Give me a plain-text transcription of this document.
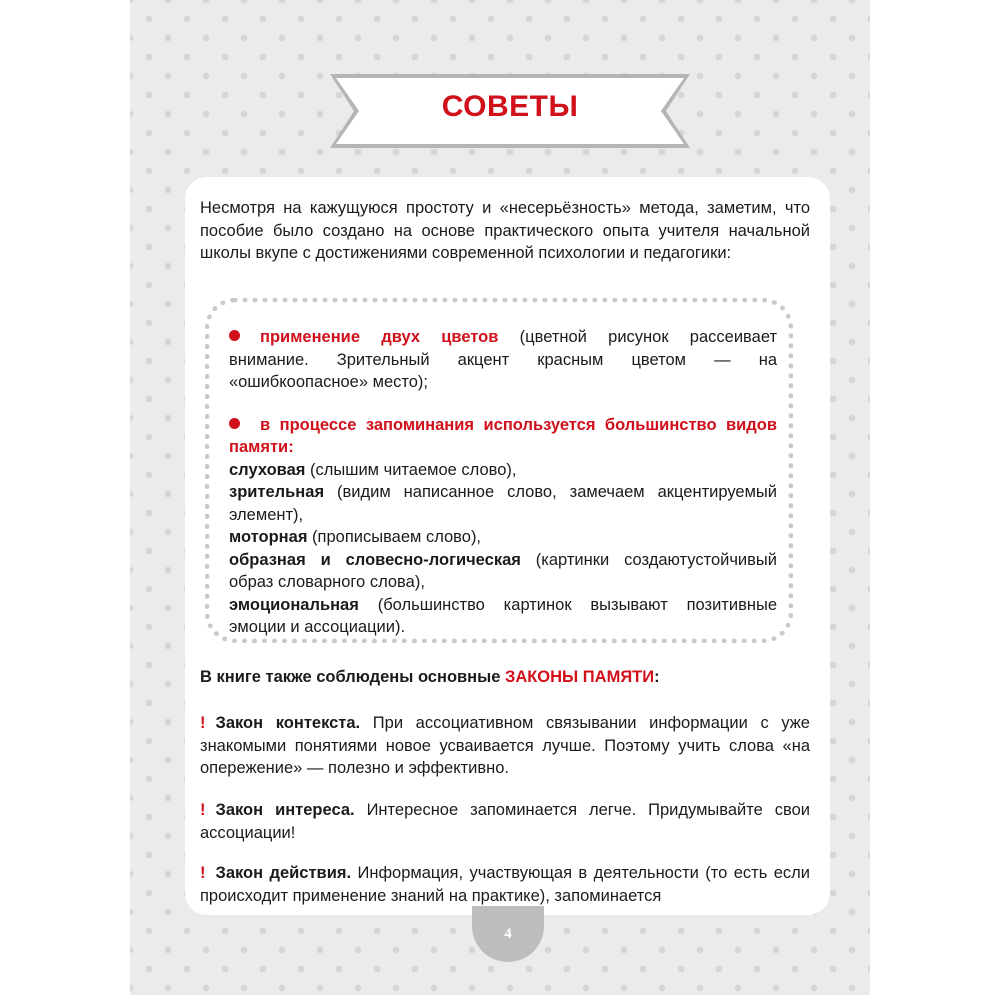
СОВЕТЫ
Несмотря на кажущуюся простоту и «несерьёзность» метода, заметим, что пособие было создано на основе практического опыта учителя начальной школы вкупе с достижениями современной психологии и педагогики:
применение двух цветов (цветной рисунок рассеивает внимание. Зрительный акцент красным цветом — на «ошибкоопасное» место);
в процессе запоминания используется большинство видов памяти:
слуховая (слышим читаемое слово),
зрительная (видим написанное слово, замечаем акцентируемый элемент),
моторная (прописываем слово),
образная и словесно-логическая (картинки создаютустойчивый образ словарного слова),
эмоциональная (большинство картинок вызывают позитивные эмоции и ассоциации).
В книге также соблюдены основные ЗАКОНЫ ПАМЯТИ:
! Закон контекста. При ассоциативном связывании информации с уже знакомыми понятиями новое усваивается лучше. Поэтому учить слова «на опережение» — полезно и эффективно.
! Закон интереса. Интересное запоминается легче. Придумывайте свои ассоциации!
! Закон действия. Информация, участвующая в деятельности (то есть если происходит применение знаний на практике), запоминается
4
